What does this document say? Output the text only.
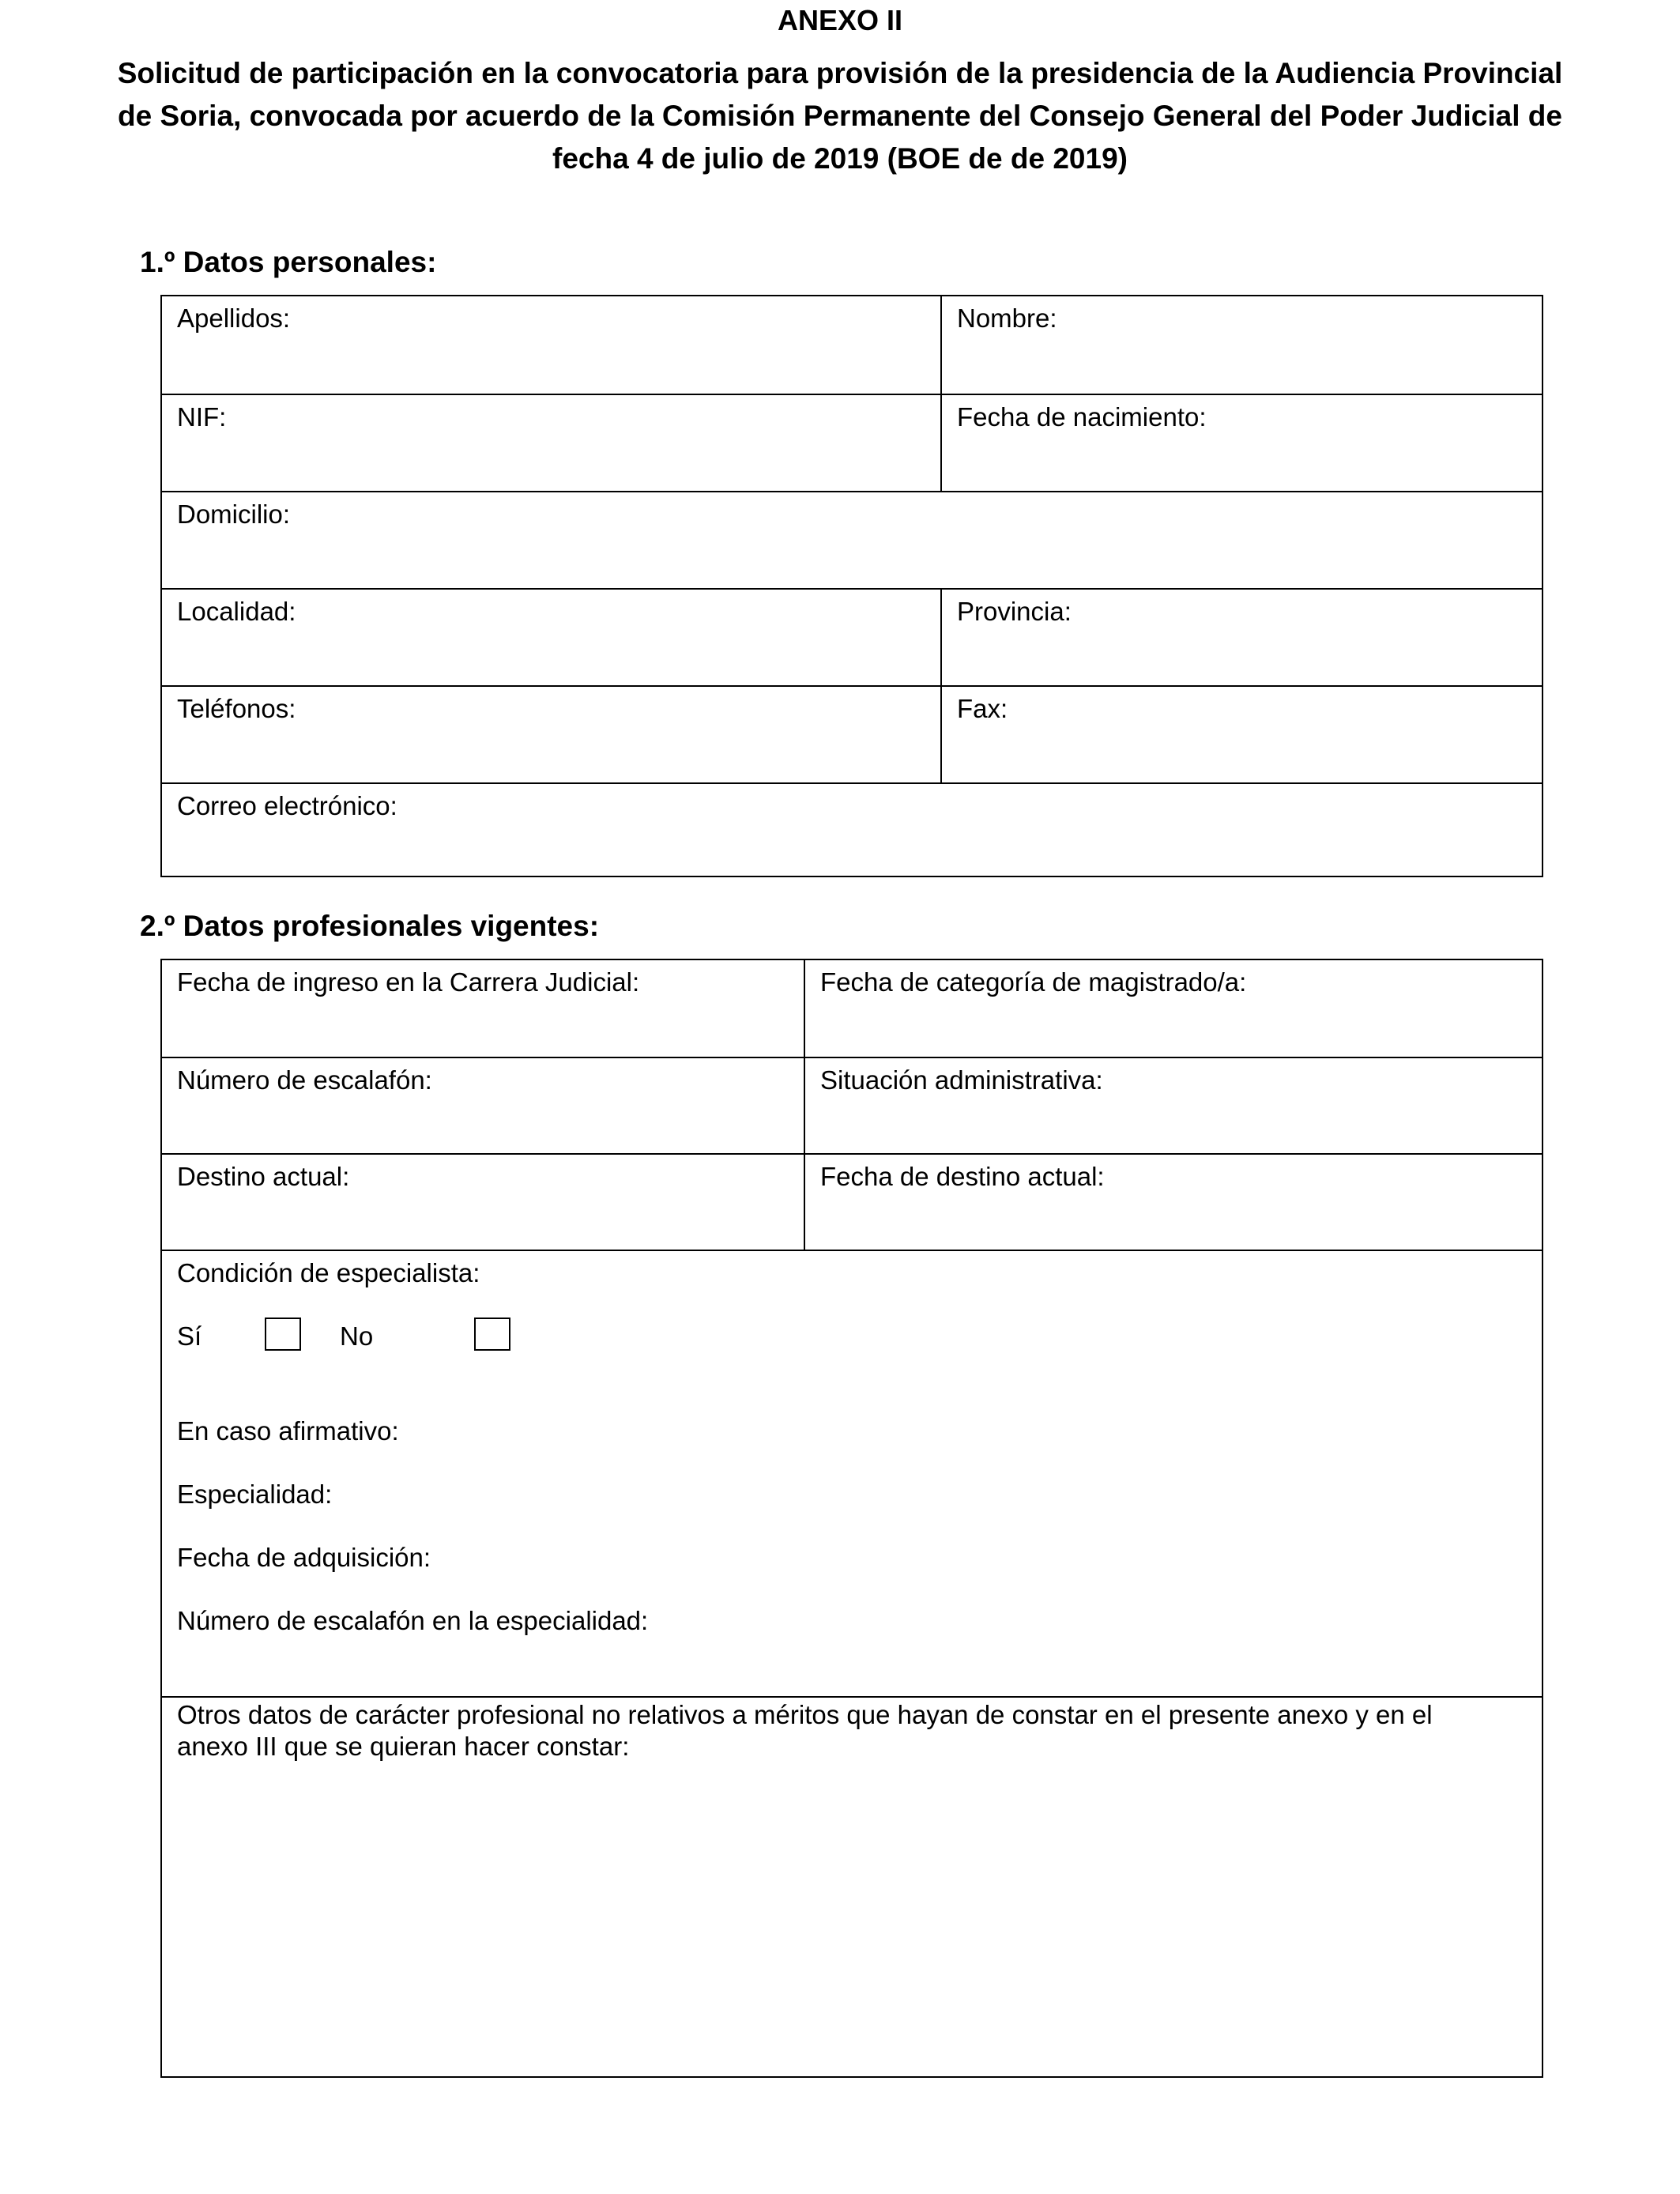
ANEXO II
Solicitud de participación en la convocatoria para provisión de la presidencia de la Audiencia Provincial de Soria, convocada por acuerdo de la Comisión Permanente del Consejo General del Poder Judicial de fecha 4 de julio de 2019 (BOE de de 2019)
1.º Datos personales:
Apellidos:	Nombre:
NIF:	Fecha de nacimiento:
Domicilio:
Localidad:	Provincia:
Teléfonos:	Fax:
Correo electrónico:
2.º Datos profesionales vigentes:
Fecha de ingreso en la Carrera Judicial:	Fecha de categoría de magistrado/a:
Número de escalafón:	Situación administrativa:
Destino actual:	Fecha de destino actual:
Condición de especialista:
Sí	No
En caso afirmativo:
Especialidad:
Fecha de adquisición:
Número de escalafón en la especialidad:
Otros datos de carácter profesional no relativos a méritos que hayan de constar en el presente anexo y en el anexo III que se quieran hacer constar:
